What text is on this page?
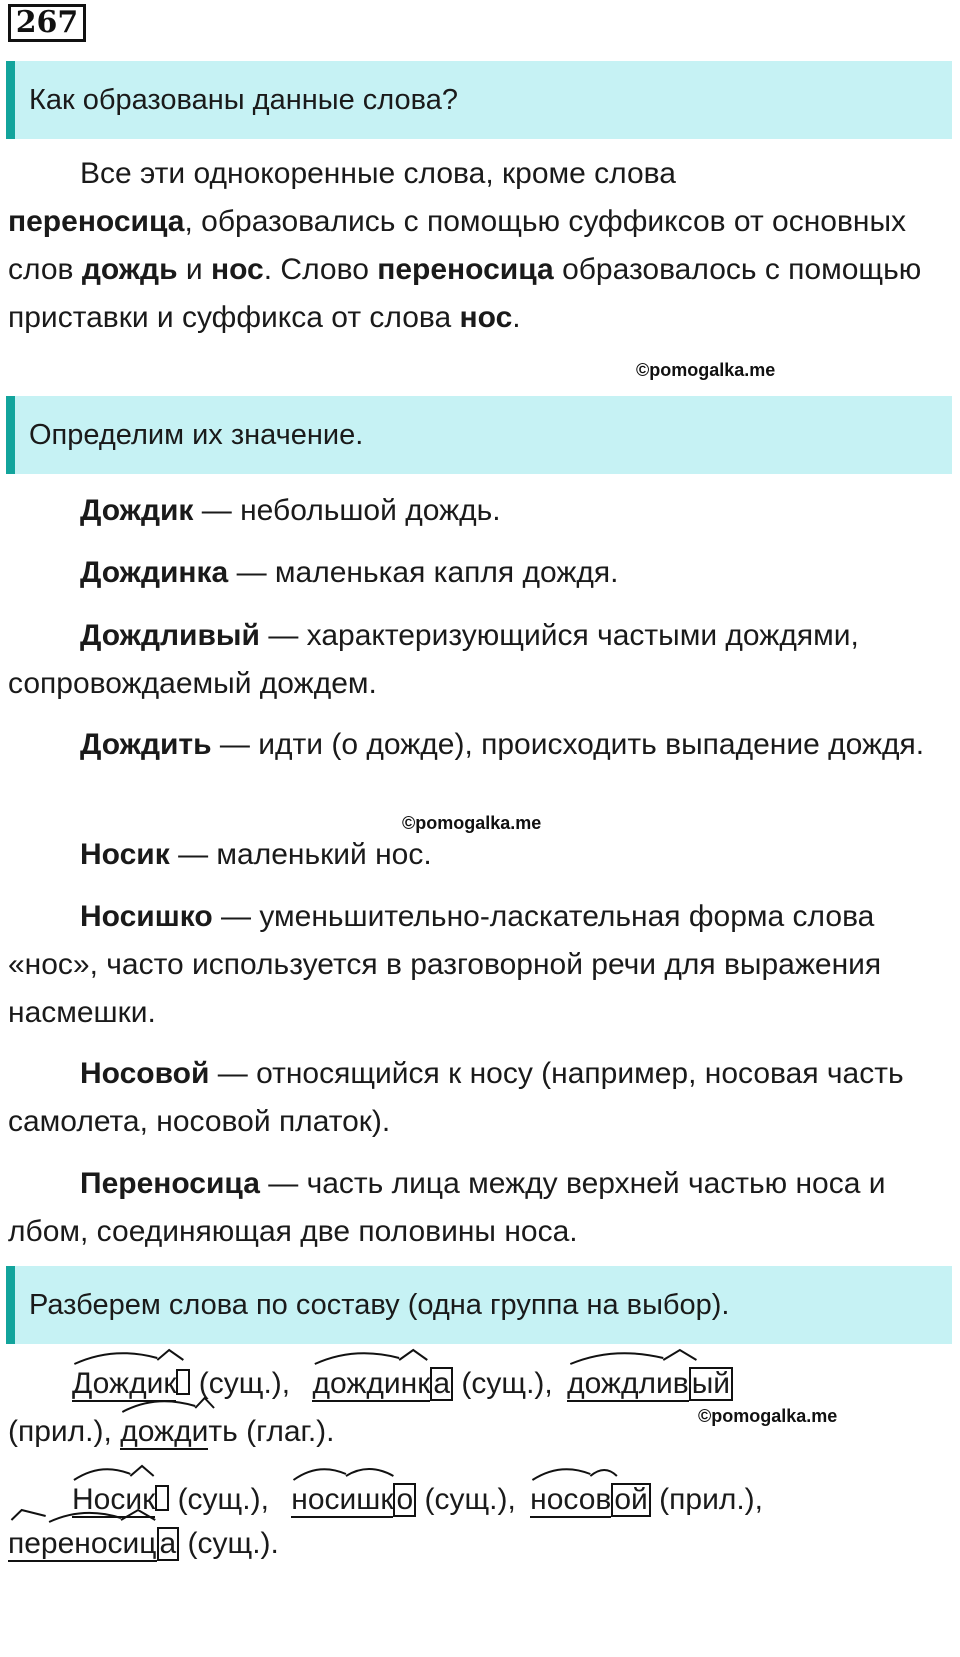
267
Как образованы данные слова?

Все эти однокоренные слова, кроме слова
переносица, образовались с помощью суффиксов от основных слов дождь и нос. Слово переносица образовалось с помощью приставки и суффикса от слова нос.

©pomogalka.me
Определим их значение.

Дождик — небольшой дождь.

Дождинка — маленькая капля дождя.

Дождливый — характеризующийся частыми дождями, сопровождаемый дождем.

Дождить — идти (о дожде), происходить выпадение дождя.

©pomogalka.me

Носик — маленький нос.

Носишко — уменьшительно-ласкательная форма слова «нос», часто используется в разговорной речи для выражения насмешки.

Носовой — относящийся к носу (например, носовая часть самолета, носовой платок).

Переносица — часть лица между верхней частью носа и лбом, соединяющая две половины носа.

Разберем слова по составу (одна группа на выбор).
Дождик (сущ.), дождинк а (сущ.), дождлив ый
©pomogalka.me
(прил.), дождить (глаг.).
Носик (сущ.), носишк о (сущ.), носов ой (прил.),
переносиц а (сущ.).
